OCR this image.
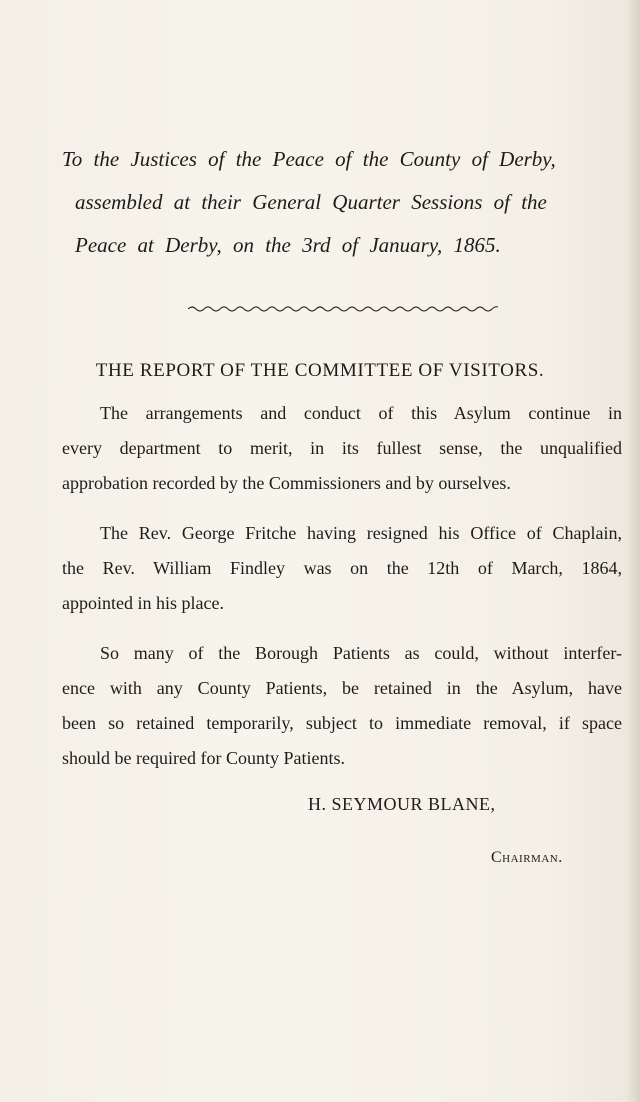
To the Justices of the Peace of the County of Derby,
assembled at their General Quarter Sessions of the
Peace at Derby, on the 3rd of January, 1865.
THE REPORT OF THE COMMITTEE OF VISITORS.
The arrangements and conduct of this Asylum continue in
every department to merit, in its fullest sense, the unqualified
approbation recorded by the Commissioners and by ourselves.
The Rev. George Fritche having resigned his Office of Chaplain,
the Rev. William Findley was on the 12th of March, 1864,
appointed in his place.
So many of the Borough Patients as could, without interfer-
ence with any County Patients, be retained in the Asylum, have
been so retained temporarily, subject to immediate removal, if space
should be required for County Patients.
H. SEYMOUR BLANE,
Chairman.
